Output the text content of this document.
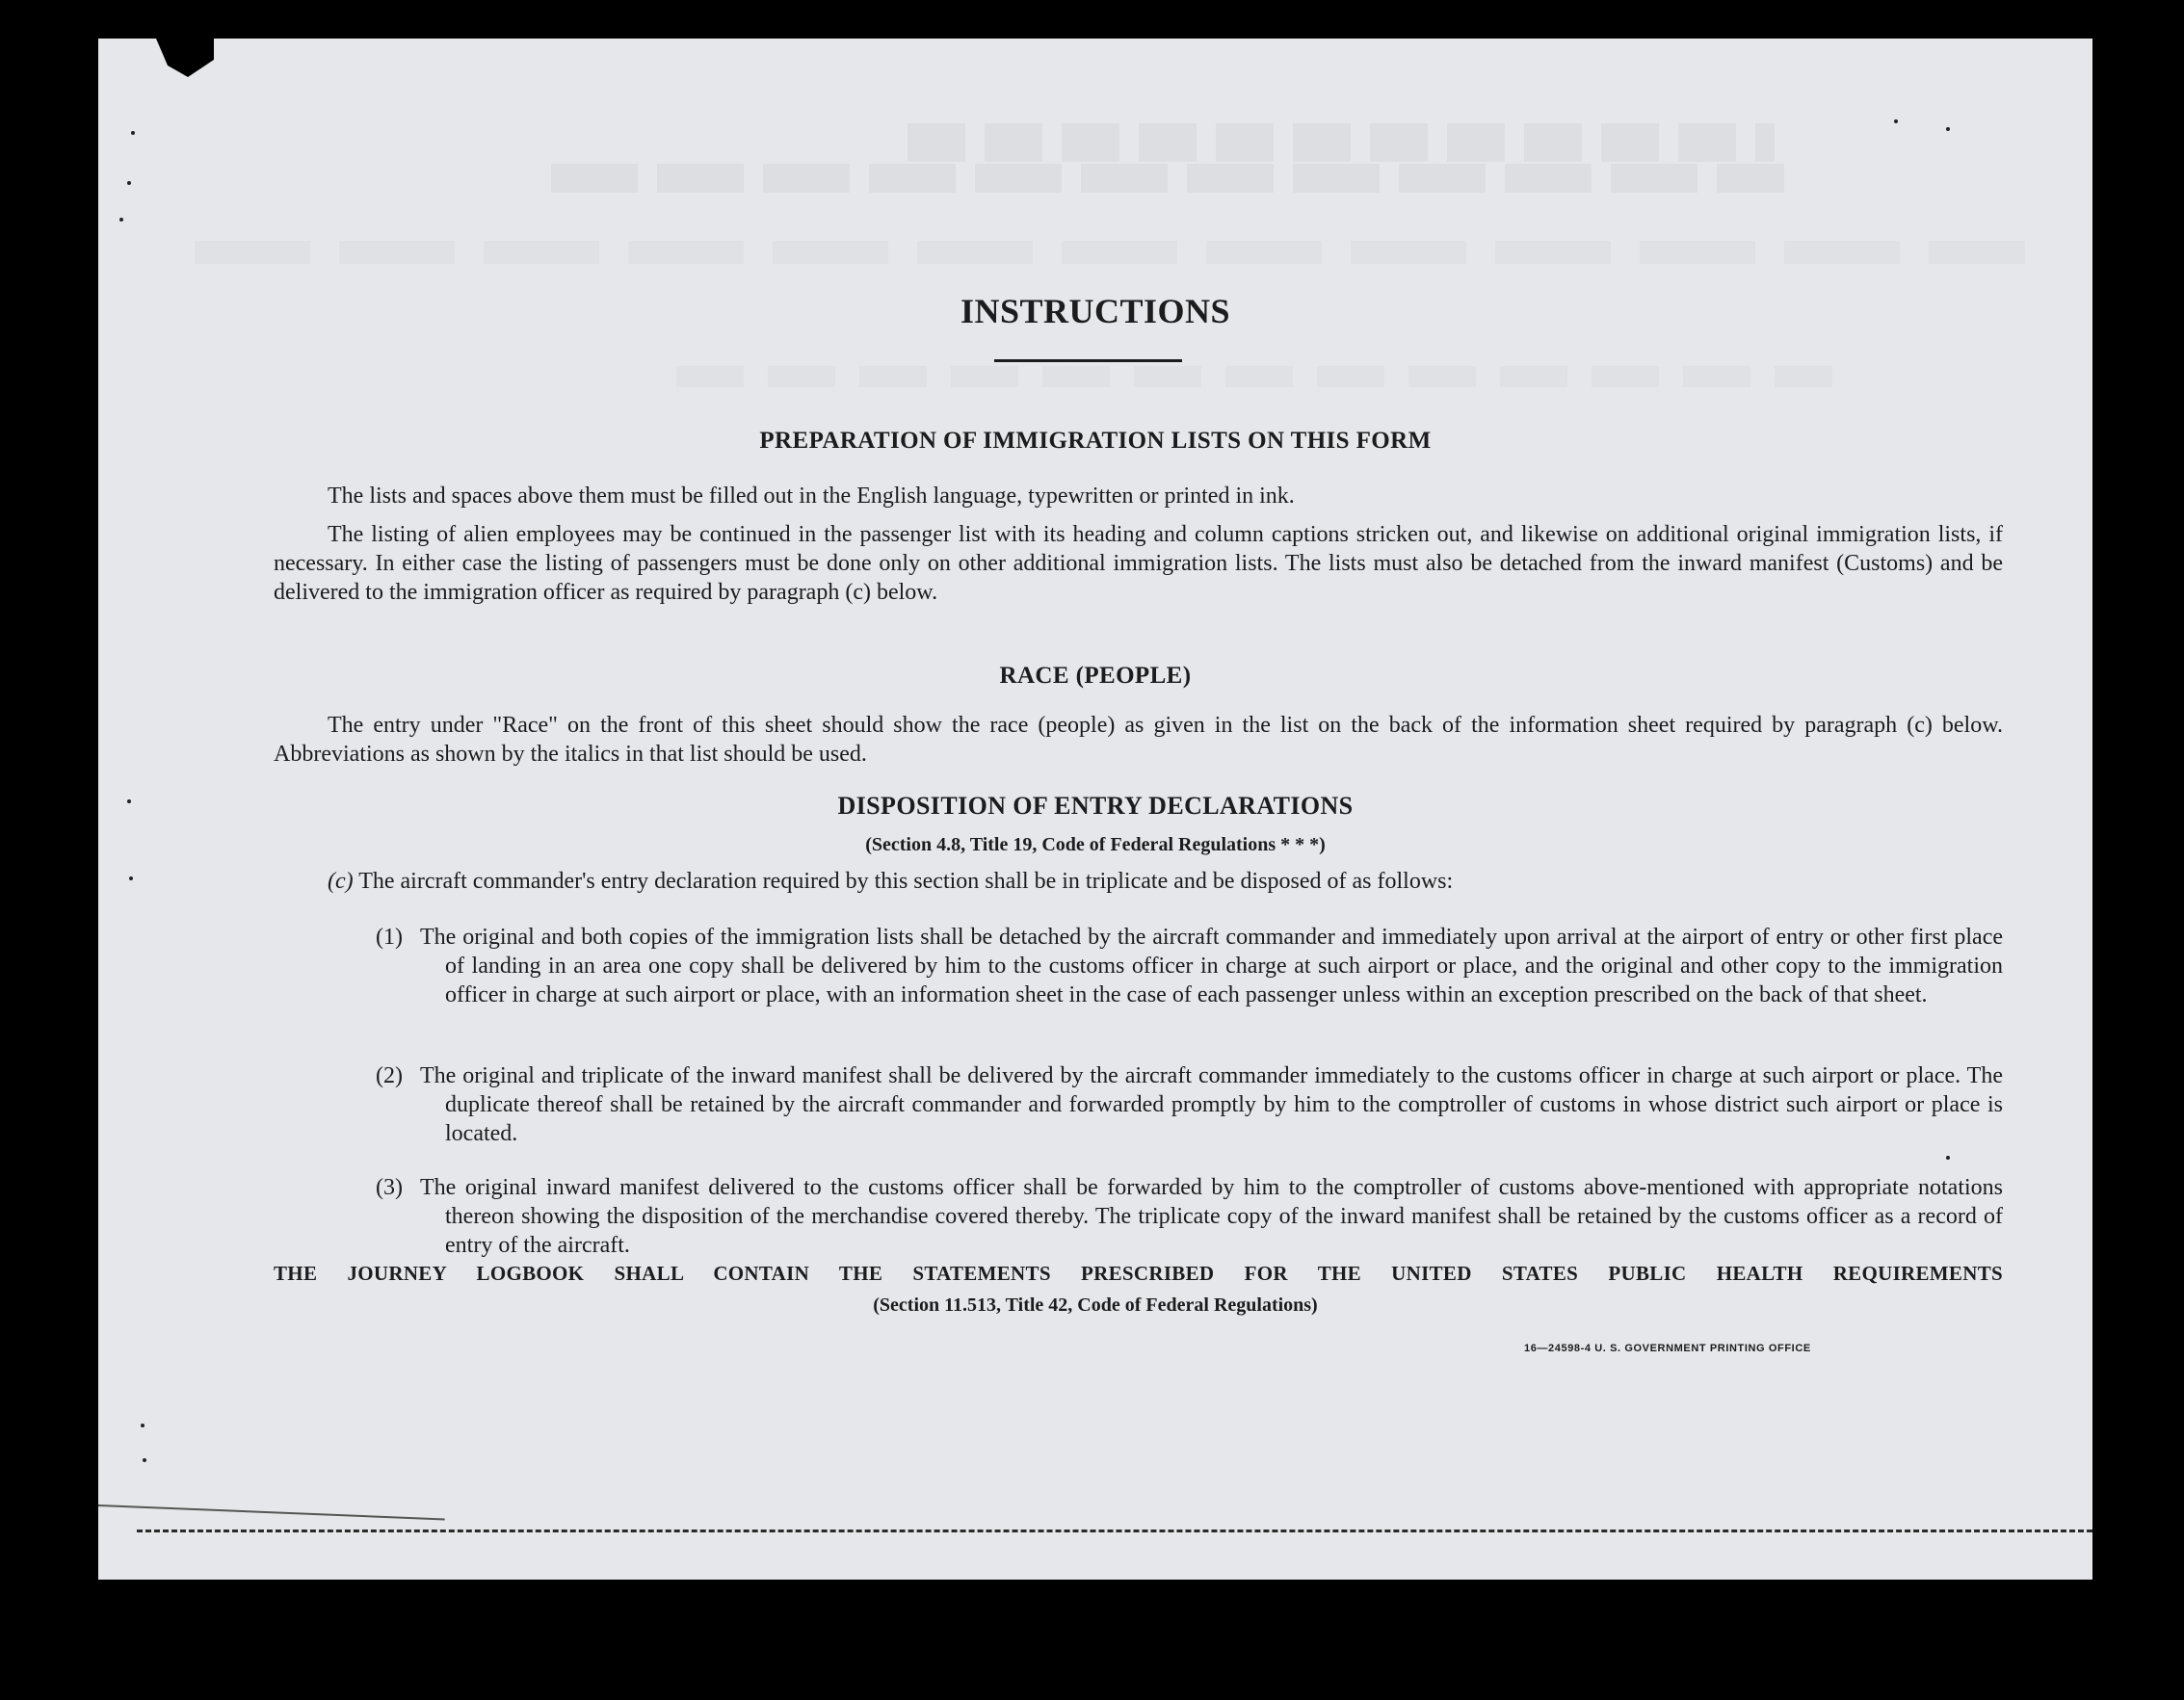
INSTRUCTIONS
PREPARATION OF IMMIGRATION LISTS ON THIS FORM
The lists and spaces above them must be filled out in the English language, typewritten or printed in ink.
The listing of alien employees may be continued in the passenger list with its heading and column captions stricken out, and likewise on additional original immigration lists, if necessary. In either case the listing of passengers must be done only on other additional immigration lists. The lists must also be detached from the inward manifest (Customs) and be delivered to the immigration officer as required by paragraph (c) below.
RACE (PEOPLE)
The entry under "Race" on the front of this sheet should show the race (people) as given in the list on the back of the information sheet required by paragraph (c) below. Abbreviations as shown by the italics in that list should be used.
DISPOSITION OF ENTRY DECLARATIONS
(Section 4.8, Title 19, Code of Federal Regulations * * *)
(c) The aircraft commander's entry declaration required by this section shall be in triplicate and be disposed of as follows:
(1) The original and both copies of the immigration lists shall be detached by the aircraft commander and immediately upon arrival at the airport of entry or other first place of landing in an area one copy shall be delivered by him to the customs officer in charge at such airport or place, and the original and other copy to the immigration officer in charge at such airport or place, with an information sheet in the case of each passenger unless within an exception prescribed on the back of that sheet.
(2) The original and triplicate of the inward manifest shall be delivered by the aircraft commander immediately to the customs officer in charge at such airport or place. The duplicate thereof shall be retained by the aircraft commander and forwarded promptly by him to the comptroller of customs in whose district such airport or place is located.
(3) The original inward manifest delivered to the customs officer shall be forwarded by him to the comptroller of customs above-mentioned with appropriate notations thereon showing the disposition of the merchandise covered thereby. The triplicate copy of the inward manifest shall be retained by the customs officer as a record of entry of the aircraft.
THE JOURNEY LOGBOOK SHALL CONTAIN THE STATEMENTS PRESCRIBED FOR THE UNITED STATES PUBLIC HEALTH REQUIREMENTS
(Section 11.513, Title 42, Code of Federal Regulations)
16—24598-4 U. S. GOVERNMENT PRINTING OFFICE
